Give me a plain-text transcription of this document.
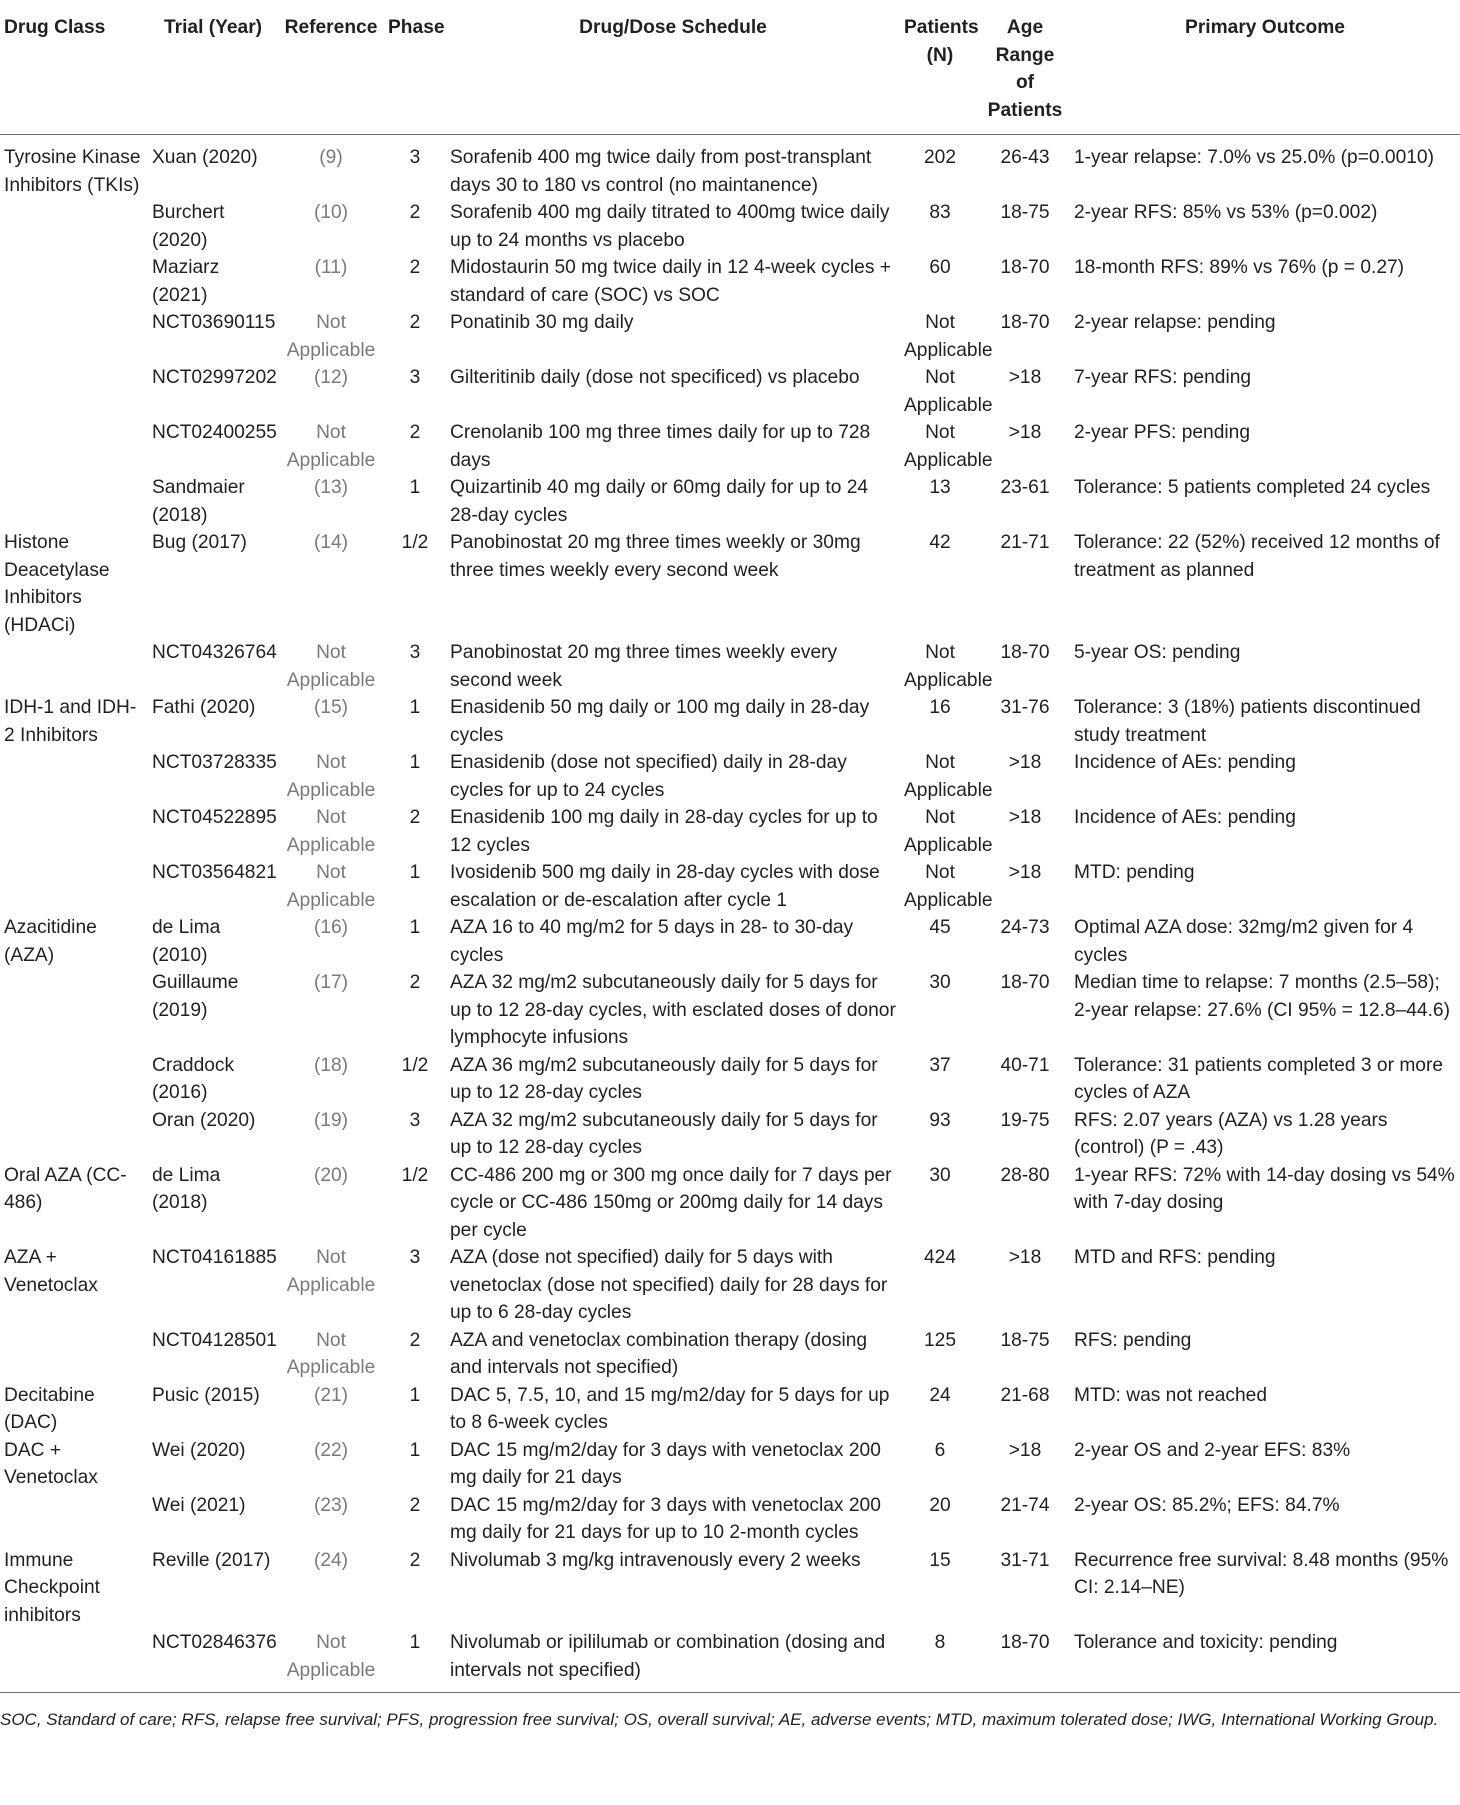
Drug Class	Trial (Year)	Reference	Phase	Drug/Dose Schedule	Patients (N)	Age Range of Patients	Primary Outcome
Tyrosine Kinase Inhibitors (TKIs)	Xuan (2020)	(9)	3	Sorafenib 400 mg twice daily from post-transplant days 30 to 180 vs control (no maintanence)	202	26-43	1-year relapse: 7.0% vs 25.0% (p=0.0010)
	Burchert (2020)	(10)	2	Sorafenib 400 mg daily titrated to 400mg twice daily up to 24 months vs placebo	83	18-75	2-year RFS: 85% vs 53% (p=0.002)
	Maziarz (2021)	(11)	2	Midostaurin 50 mg twice daily in 12 4-week cycles + standard of care (SOC) vs SOC	60	18-70	18-month RFS: 89% vs 76% (p = 0.27)
	NCT03690115	Not Applicable	2	Ponatinib 30 mg daily	Not Applicable	18-70	2-year relapse: pending
	NCT02997202	(12)	3	Gilteritinib daily (dose not specificed) vs placebo	Not Applicable	>18	7-year RFS: pending
	NCT02400255	Not Applicable	2	Crenolanib 100 mg three times daily for up to 728 days	Not Applicable	>18	2-year PFS: pending
	Sandmaier (2018)	(13)	1	Quizartinib 40 mg daily or 60mg daily for up to 24 28-day cycles	13	23-61	Tolerance: 5 patients completed 24 cycles
Histone Deacetylase Inhibitors (HDACi)	Bug (2017)	(14)	1/2	Panobinostat 20 mg three times weekly or 30mg three times weekly every second week	42	21-71	Tolerance: 22 (52%) received 12 months of treatment as planned
	NCT04326764	Not Applicable	3	Panobinostat 20 mg three times weekly every second week	Not Applicable	18-70	5-year OS: pending
IDH-1 and IDH-2 Inhibitors	Fathi (2020)	(15)	1	Enasidenib 50 mg daily or 100 mg daily in 28-day cycles	16	31-76	Tolerance: 3 (18%) patients discontinued study treatment
	NCT03728335	Not Applicable	1	Enasidenib (dose not specified) daily in 28-day cycles for up to 24 cycles	Not Applicable	>18	Incidence of AEs: pending
	NCT04522895	Not Applicable	2	Enasidenib 100 mg daily in 28-day cycles for up to 12 cycles	Not Applicable	>18	Incidence of AEs: pending
	NCT03564821	Not Applicable	1	Ivosidenib 500 mg daily in 28-day cycles with dose escalation or de-escalation after cycle 1	Not Applicable	>18	MTD: pending
Azacitidine (AZA)	de Lima (2010)	(16)	1	AZA 16 to 40 mg/m2 for 5 days in 28- to 30-day cycles	45	24-73	Optimal AZA dose: 32mg/m2 given for 4 cycles
	Guillaume (2019)	(17)	2	AZA 32 mg/m2 subcutaneously daily for 5 days for up to 12 28-day cycles, with esclated doses of donor lymphocyte infusions	30	18-70	Median time to relapse: 7 months (2.5–58); 2-year relapse: 27.6% (CI 95% = 12.8–44.6)
	Craddock (2016)	(18)	1/2	AZA 36 mg/m2 subcutaneously daily for 5 days for up to 12 28-day cycles	37	40-71	Tolerance: 31 patients completed 3 or more cycles of AZA
	Oran (2020)	(19)	3	AZA 32 mg/m2 subcutaneously daily for 5 days for up to 12 28-day cycles	93	19-75	RFS: 2.07 years (AZA) vs 1.28 years (control) (P = .43)
Oral AZA (CC-486)	de Lima (2018)	(20)	1/2	CC-486 200 mg or 300 mg once daily for 7 days per cycle or CC-486 150mg or 200mg daily for 14 days per cycle	30	28-80	1-year RFS: 72% with 14-day dosing vs 54% with 7-day dosing
AZA + Venetoclax	NCT04161885	Not Applicable	3	AZA (dose not specified) daily for 5 days with venetoclax (dose not specified) daily for 28 days for up to 6 28-day cycles	424	>18	MTD and RFS: pending
	NCT04128501	Not Applicable	2	AZA and venetoclax combination therapy (dosing and intervals not specified)	125	18-75	RFS: pending
Decitabine (DAC)	Pusic (2015)	(21)	1	DAC 5, 7.5, 10, and 15 mg/m2/day for 5 days for up to 8 6-week cycles	24	21-68	MTD: was not reached
DAC + Venetoclax	Wei (2020)	(22)	1	DAC 15 mg/m2/day for 3 days with venetoclax 200 mg daily for 21 days	6	>18	2-year OS and 2-year EFS: 83%
	Wei (2021)	(23)	2	DAC 15 mg/m2/day for 3 days with venetoclax 200 mg daily for 21 days for up to 10 2-month cycles	20	21-74	2-year OS: 85.2%; EFS: 84.7%
Immune Checkpoint inhibitors	Reville (2017)	(24)	2	Nivolumab 3 mg/kg intravenously every 2 weeks	15	31-71	Recurrence free survival: 8.48 months (95% CI: 2.14–NE)
	NCT02846376	Not Applicable	1	Nivolumab or ipililumab or combination (dosing and intervals not specified)	8	18-70	Tolerance and toxicity: pending
SOC, Standard of care; RFS, relapse free survival; PFS, progression free survival; OS, overall survival; AE, adverse events; MTD, maximum tolerated dose; IWG, International Working Group.
